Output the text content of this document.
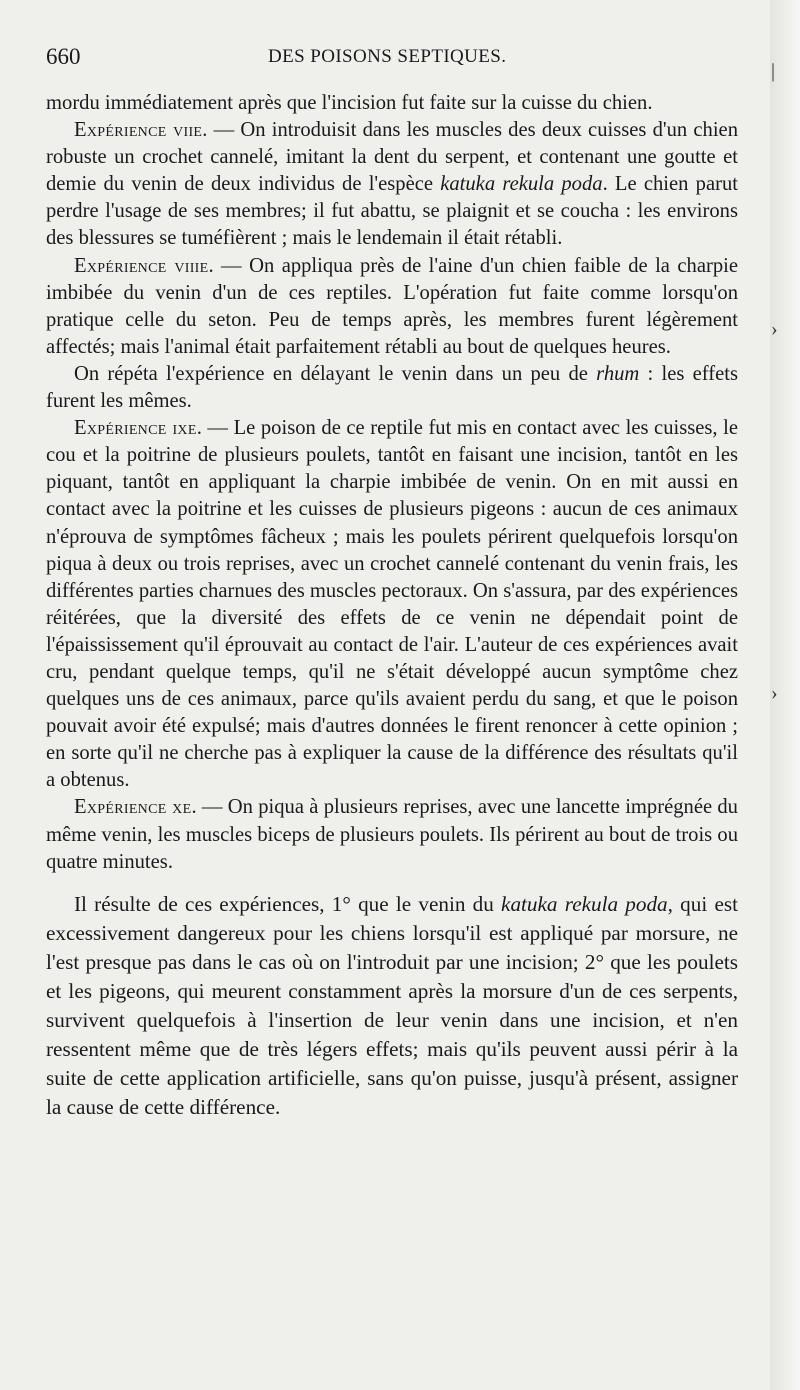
660	DES POISONS SEPTIQUES.

mordu immédiatement après que l'incision fut faite sur la cuisse du chien.

Expérience viie. — On introduisit dans les muscles des deux cuisses d'un chien robuste un crochet cannelé, imitant la dent du serpent, et contenant une goutte et demie du venin de deux individus de l'espèce katuka rekula poda. Le chien parut perdre l'usage de ses membres; il fut abattu, se plaignit et se coucha : les environs des blessures se tuméfièrent ; mais le lendemain il était rétabli.

Expérience viiie. — On appliqua près de l'aine d'un chien faible de la charpie imbibée du venin d'un de ces reptiles. L'opération fut faite comme lorsqu'on pratique celle du seton. Peu de temps après, les membres furent légèrement affectés; mais l'animal était parfaitement rétabli au bout de quelques heures.

On répéta l'expérience en délayant le venin dans un peu de rhum : les effets furent les mêmes.

Expérience ixe. — Le poison de ce reptile fut mis en contact avec les cuisses, le cou et la poitrine de plusieurs poulets, tantôt en faisant une incision, tantôt en les piquant, tantôt en appliquant la charpie imbibée de venin. On en mit aussi en contact avec la poitrine et les cuisses de plusieurs pigeons : aucun de ces animaux n'éprouva de symptômes fâcheux ; mais les poulets périrent quelquefois lorsqu'on piqua à deux ou trois reprises, avec un crochet cannelé contenant du venin frais, les différentes parties charnues des muscles pectoraux. On s'assura, par des expériences réitérées, que la diversité des effets de ce venin ne dépendait point de l'épaississement qu'il éprouvait au contact de l'air. L'auteur de ces expériences avait cru, pendant quelque temps, qu'il ne s'était développé aucun symptôme chez quelques uns de ces animaux, parce qu'ils avaient perdu du sang, et que le poison pouvait avoir été expulsé; mais d'autres données le firent renoncer à cette opinion ; en sorte qu'il ne cherche pas à expliquer la cause de la différence des résultats qu'il a obtenus.

Expérience xe. — On piqua à plusieurs reprises, avec une lancette imprégnée du même venin, les muscles biceps de plusieurs poulets. Ils périrent au bout de trois ou quatre minutes.

Il résulte de ces expériences, 1° que le venin du katuka rekula poda, qui est excessivement dangereux pour les chiens lorsqu'il est appliqué par morsure, ne l'est presque pas dans le cas où on l'introduit par une incision; 2° que les poulets et les pigeons, qui meurent constamment après la morsure d'un de ces serpents, survivent quelquefois à l'insertion de leur venin dans une incision, et n'en ressentent même que de très légers effets; mais qu'ils peuvent aussi périr à la suite de cette application artificielle, sans qu'on puisse, jusqu'à présent, assigner la cause de cette différence.

|
›
›
